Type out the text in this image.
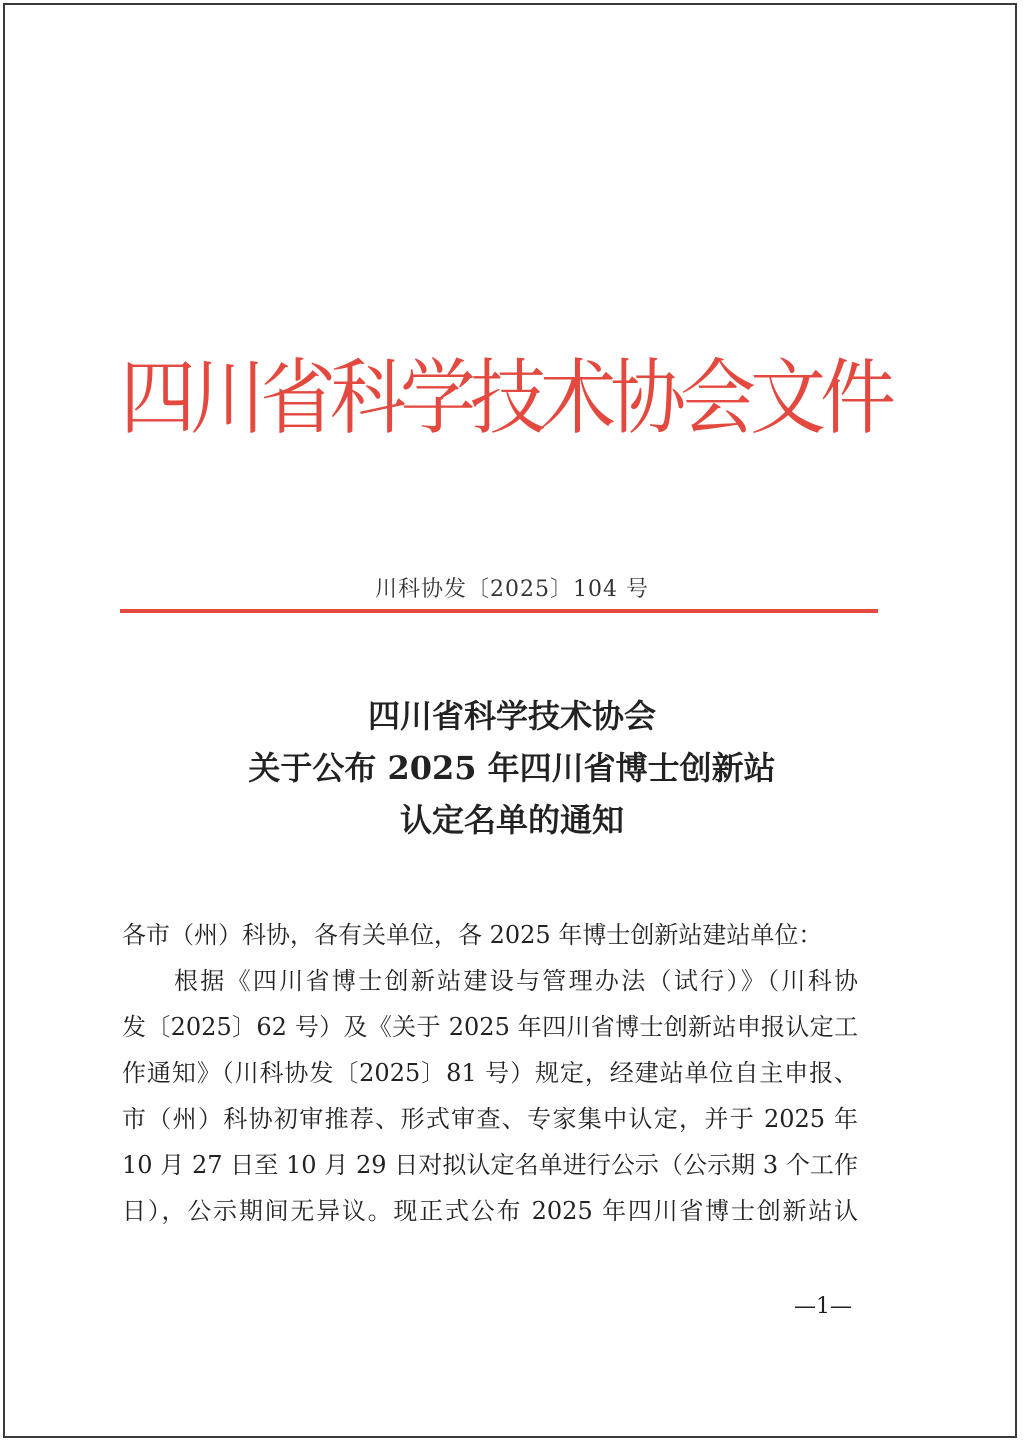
四川省科学技术协会文件
川科协发〔2025〕104 号
四川省科学技术协会
关于公布 2025 年四川省博士创新站
认定名单的通知
各市（州）科协，各有关单位，各 2025 年博士创新站建站单位：
根据《四川省博士创新站建设与管理办法（试行）》（川科协
发〔2025〕62 号）及《关于 2025 年四川省博士创新站申报认定工
作通知》（川科协发〔2025〕81 号）规定，经建站单位自主申报、
市（州）科协初审推荐、形式审查、专家集中认定，并于 2025 年
10 月 27 日至 10 月 29 日对拟认定名单进行公示（公示期 3 个工作
日），公示期间无异议。现正式公布 2025 年四川省博士创新站认
—1—
